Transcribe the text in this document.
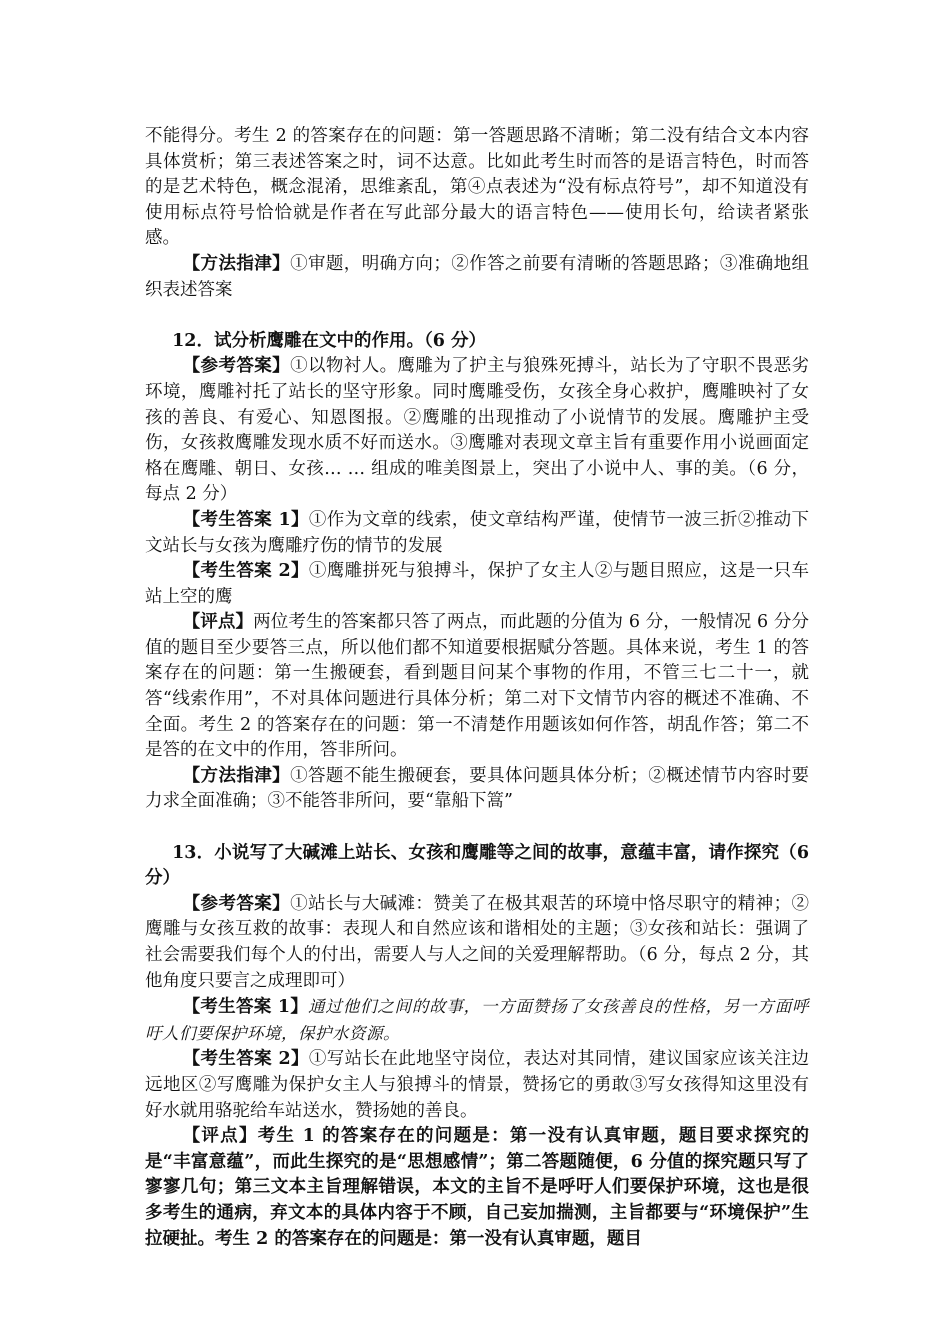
不能得分。考生 2 的答案存在的问题：第一答题思路不清晰；第二没有结合文本内容具体赏析；第三表述答案之时，词不达意。比如此考生时而答的是语言特色，时而答的是艺术特色，概念混淆，思维紊乱，第④点表述为“没有标点符号”，却不知道没有使用标点符号恰恰就是作者在写此部分最大的语言特色——使用长句，给读者紧张感。

【方法指津】①审题，明确方向；②作答之前要有清晰的答题思路；③准确地组织表述答案

12．试分析鹰雕在文中的作用。（6 分）

【参考答案】①以物衬人。鹰雕为了护主与狼殊死搏斗，站长为了守职不畏恶劣环境，鹰雕衬托了站长的坚守形象。同时鹰雕受伤，女孩全身心救护，鹰雕映衬了女孩的善良、有爱心、知恩图报。②鹰雕的出现推动了小说情节的发展。鹰雕护主受伤，女孩救鹰雕发现水质不好而送水。③鹰雕对表现文章主旨有重要作用小说画面定格在鹰雕、朝日、女孩… … 组成的唯美图景上，突出了小说中人、事的美。（6 分，每点 2 分）

【考生答案 1】①作为文章的线索，使文章结构严谨，使情节一波三折②推动下文站长与女孩为鹰雕疗伤的情节的发展

【考生答案 2】①鹰雕拼死与狼搏斗，保护了女主人②与题目照应，这是一只车站上空的鹰

【评点】两位考生的答案都只答了两点，而此题的分值为 6 分，一般情况 6 分分值的题目至少要答三点，所以他们都不知道要根据赋分答题。具体来说，考生 1 的答案存在的问题：第一生搬硬套，看到题目问某个事物的作用，不管三七二十一，就答“线索作用”，不对具体问题进行具体分析；第二对下文情节内容的概述不准确、不全面。考生 2 的答案存在的问题：第一不清楚作用题该如何作答，胡乱作答；第二不是答的在文中的作用，答非所问。

【方法指津】①答题不能生搬硬套，要具体问题具体分析；②概述情节内容时要力求全面准确；③不能答非所问，要“靠船下篙”

13．小说写了大碱滩上站长、女孩和鹰雕等之间的故事，意蕴丰富，请作探究（6 分）

【参考答案】①站长与大碱滩：赞美了在极其艰苦的环境中恪尽职守的精神；②鹰雕与女孩互救的故事：表现人和自然应该和谐相处的主题；③女孩和站长：强调了社会需要我们每个人的付出，需要人与人之间的关爱理解帮助。（6 分，每点 2 分，其他角度只要言之成理即可）

【考生答案 1】通过他们之间的故事，一方面赞扬了女孩善良的性格，另一方面呼吁人们要保护环境，保护水资源。

【考生答案 2】①写站长在此地坚守岗位，表达对其同情，建议国家应该关注边远地区②写鹰雕为保护女主人与狼搏斗的情景，赞扬它的勇敢③写女孩得知这里没有好水就用骆驼给车站送水，赞扬她的善良。

【评点】考生 1 的答案存在的问题是：第一没有认真审题，题目要求探究的是“丰富意蕴”，而此生探究的是“思想感情”；第二答题随便，6 分值的探究题只写了寥寥几句；第三文本主旨理解错误，本文的主旨不是呼吁人们要保护环境，这也是很多考生的通病，弃文本的具体内容于不顾，自己妄加揣测，主旨都要与“环境保护”生拉硬扯。考生 2 的答案存在的问题是：第一没有认真审题，题目
